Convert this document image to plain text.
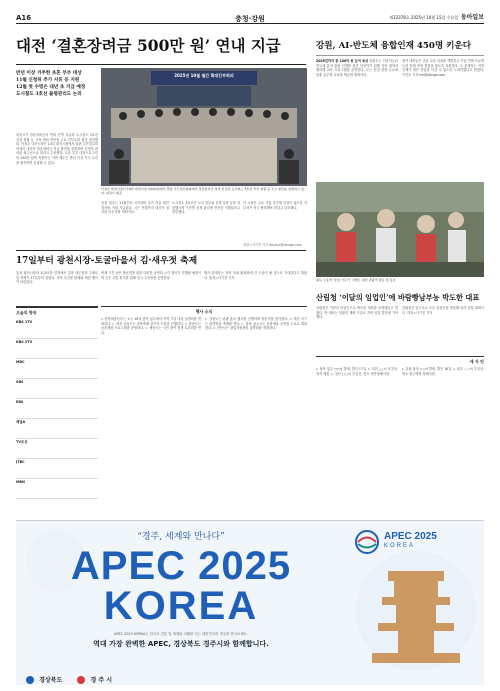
A16	충청·강원	제32378호 2025년 10월 15일 수요일 동아일보
대전 ‘결혼장려금 500만 원’ 연내 지급
반년 이상 거주한 초혼 부부 대상
11월 신청뒤 추가 서류 등 지원
12월 첫 수령은 내년 초 지급 예정
도시철도 3호선 불평관리도 논의
2025년 10월 월간 확대간부회의
이장우 대전시장이 14일 대전시청 대회의실에서 열린 주간업무회의에서 결혼장려금 정책 지급과 도시철도 3호선 추진 현황 등 주요 현안을 설명하고 있다. 대전시 제공
대전시가 결혼장려금의 연내 전액 지급과 도시철도 3호선 건설 현황 등 시정 핵심 현안을 주요 간부들과 집중 점검했다. 이장우 대전시장은 14일 대전시청에서 열린 주간업무회의에서 대전의 결혼장려금 지급 방안을 설명하며 신청자 편의를 최우선으로 달라고 주문했다. 초혼 부부 대상으로 1인당 250만 원씩 지원하는 이번 제도는 반년 이상 거주 요건을 충족하면 신청할 수 있다.
신청 접수는 11월부터 시작하며 추가 서류 확인 절차를 거쳐 지급된다. 시는 연말까지 대상자 심사를 마무리할 계획이다.
도시철도 3호선은 노선 검토와 설계 일정 등을 점검했으며 구간별 공정 관리에 만전을 기해달라고 당부했다.
이 시장은 주요 사업 추진에 차질이 없도록 각 부서가 적극 협력해야 한다고 강조했다.
대전=이기진 기자 doyoce@donga.com
17일부터 광천시장-토굴마을서 김·새우젓 축제
홍성 광천시장과 토굴마을 일대에서 김과 새우젓을 주제로 한 축제가 17일부터 열린다. 지역 특산물 판매와 체험 행사가 마련된다.
축제 기간 동안 방문객을 위한 다양한 공연과 시식 행사가 진행될 예정이며 군은 교통 편의를 위해 임시 주차장을 운영한다.
행사 관계자는 지역 상권 활성화에 큰 도움이 될 것으로 기대한다고 밝혔다. 홍성=이기진 기자
오늘의 방송
KBS 1TV
KBS 2TV
MBC
SBS
EBS
채널A
TV조선
JTBC
MBN
행사 소식
▷ 충북세종본부는 오는 16일 충북 청주에서 지역 기업 대상 설명회를 개최한다. ▷ 대전 유성구는 과학축제 참가자 모집을 진행한다. ▷ 충남도는 농촌체험 프로그램을 운영한다. ▷ 세종시는 시민 참여 정책 토론회를 연다.
▷ 강원도는 관광 홍보 행사를 진행하며 방문객을 맞이한다. ▷ 대전 서구는 평생학습 축제를 연다. ▷ 충북 청주시는 문화예술 공연을 무료로 개최한다. ▷ 천안시는 창업지원센터 설명회를 개최한다.
강원, AI-반도체 융합인재 450명 키운다
2025년까지 총 100억 원 들여 육성 강원도는 인공지능과 반도체 분야 융합 인재를 집중 양성하기 위해 지역 대학과 협력해 교육 프로그램을 운영한다. 도는 산업 현장 수요에 맞춘 실무형 교육을 제공할 계획이다.
참여 대학들은 공동 교육 과정을 개발하고 기업 연계 프로젝트를 통해 현장 경험을 쌓도록 지원한다. 도 관계자는 지역 인재가 첨단 산업을 이끌 수 있도록 노력하겠다고 밝혔다. 이인모 기자 lim@donga.com
충북 오송역 ‘물결 가꾸기’ 이벤트 대만 관광객 방문 및 홍보
산림청 ‘이달의 임업인’에 바람빵남부농 박도한 대표
산림청은 이달의 임업인으로 박도한 대표를 선정했다고 밝혔다. 박 대표는 친환경 재배 기술로 지역 임업 발전에 기여했다.
산림청은 앞으로도 우수 임업인을 발굴해 널리 알릴 계획이다. 대전=이기진 기자
세 사 안
▷ 충북 청주 ○○씨 별세, 발인 17일. ▷ 대전 △△씨 모친상, 장지 세종. ▷ 천안 □□씨 부친상, 빈소 천안장례식장.
▷ 강원 춘천 ◇◇씨 별세, 발인 16일. ▷ 원주 ☆☆씨 부친상, 빈소 원주병원 장례식장.
“경주, 세계와 만나다”
APEC 2025
KOREA
APEC 2025 KOREA는 한국의 전통 및 세계와 미래를 잇는 대한민국의 경주를 만나보세요.
역대 가장 완벽한 APEC, 경상북도 경주시와 함께합니다.
APEC 2025
KOREA
경상북도	경 주 시
